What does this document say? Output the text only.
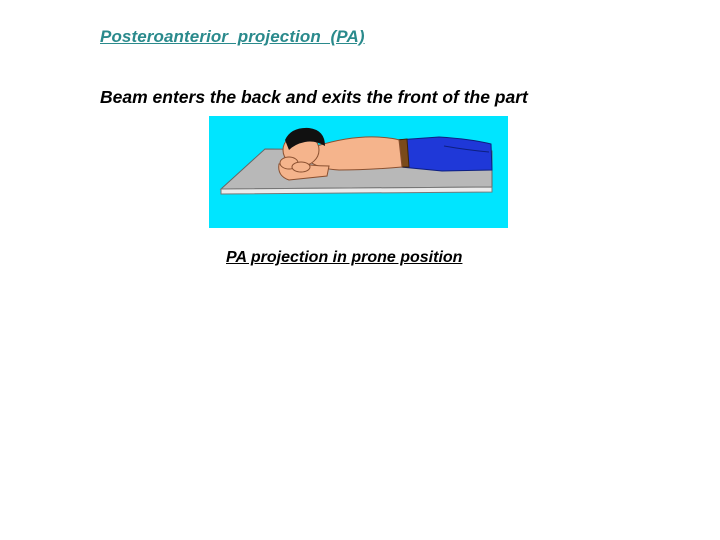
Posteroanterior  projection  (PA)
Beam enters the back and exits the front of the part
PA projection in prone position
